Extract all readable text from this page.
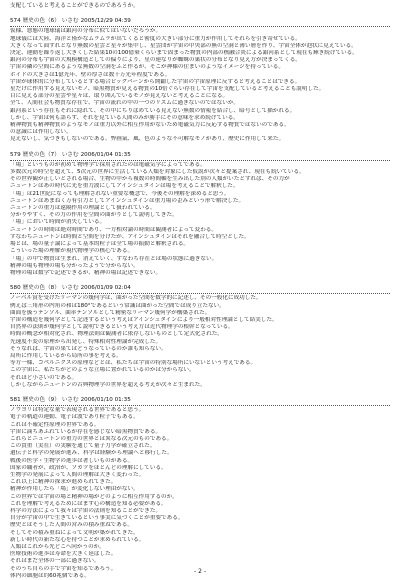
支配していると考えることができるのであろうか。

574 歴史の色（6） いさむ 2005/12/29 04:39

仮様、悪態の地球儀は銀河の分布に似てはいないだろうか。

地球儀には大陸、海洋と僅かなムラムラが出てくると密度の大きい部分に重力が作用してそれらを引き寄せている。

大きくなって面ずれとなり無数の星雲と星々が集中し、星雲団が宇宙の中央部の無の空洞と薄い層を作り、宇宙全体が泡状に見えている。

決定、運動を繰り返し大きくした結果10の100億乗くらいまで固まった物質の内部の核融合炎による銀河系として現在も輝き続けている。

銀河の分布も宇宙の大規模構造としての偏りにより、星の連なりが蜘蛛の巣状の分布となり見え方が決まってくる。

宇宙の隣の空間にあるような無数の空洞をふと作るが、そこが神様の住まいのようなイメージを持っている。

ボイドの大きさは1億光年、壁の厚さは数千万光年程度である。

宇宙が球体的に分布しているとする場合ビッグバーンから開闢した宇宙の宇宙原理に反すると考えることはできる。

星だけに作用する見えないモノ、暗黒物質が見える物質の10倍ぐらい存在して宇宙を支配していると考えることも説明した。

目に見える部分の星雲や星々は、取り囲んでいるモノが見えないと考えることになる。

全て、人間社会も物質な存在で、宇宙の流れの中の一つのリズムに過ぎないのではないか。

銀河系という存在もそれに隠れて、その中にちりばめている見えない無数の情報を結合し、暗号として描かれる。

しかし、宇宙は何も語らず、それを見ている人間のみが勝手にその意味を求め続けている。

精神物質も精神物質のようなモノは重力以外に相互作用がないため電磁気力に反応する物質ではないのである。

の意識には作用しない。

見えないし、気づきもしないのである。弊画氣、風、色のような不可解なモノがあり、歴史に作用して来た。

579 歴史の色（7） いさむ 2006/01/04 01:35

「場」というものが初めて物理学で採用されたのは電磁気学によってである。

多数次元の時空を超えて、5次元の世界に生活している人類を対象にした仮説が次々と提案され、現在も続いている。

その世界観が正しいとされる場合、生物の中から複数の時間軸を生み出した別の人類がいたとすれば、その力が

ニュートンはあの時代に光を重力波にしてアインシュタインは場を考えることで解釈した。

「場」は21世紀になっても理解されない重要な概念で、今後その理解を深めると思う。

ニュートンはあまねく万有引力としてアインシュタインは重力場の歪みという形で解決した。

ニュートンの重力は遠隔作用の理論として扱われている。

分かりやすく、その力の作用を空間の曲がりとして説明してきた。

「場」において時間が消失している。

ニュートンの時間は絶対時間であり、一方相対論の時間は観測者によって変わる。

すなわちニュートンは時間と空間を分けたが、アインシュタインはそれを融合して時空とした。

場とは、場の量子論によって基本的粒子は全て場の振動と解釈される。

こういった場の理解が現代物理学の核心である。

「場」の中で物質は生まれ、消えていく、すなわち存在とは場の状態に過ぎない。

精神の場も物理の場も分かったようで分からない。

物理の場は数学で記述できるが、精神の場は記述できない。

580 歴史の色（8） いさむ 2006/01/09 02:04

ノーベル賞を受けたリーマンの幾何学は、曲がった空間を数学的に記述し、その一般化に成功した。

例えば三角形の内角の和は180°であるという常識は曲がった空間では成り立たない。

曲面を扱うテンソル、曲率テンソルとして精密なリーマン幾何学が構築された。

宇宙の構造を幾何学として記述するという考えはアインシュタインにより一般相対性理論として結実した。

自然界の法則が幾何学として説明できるという考え方は近代物理学の根幹となっている。

時間の概念が相対化され、物理法則は観測者に依存しないものとして定式化された。

光速度不変の原理から出発し、特殊相対性理論が完成した。

そうなれば、宇宙の果てはどうなっているのか誰も知らない。

局所に作用しているから局所の事を考える。

等方一様、コペルニクスの原理などとは、私たちは宇宙の特別な場所にいないという考えである。

この宇宙に、私たちがどのような立場に置かれているのかは分からない。

それほど小さいのである。

しかしながらニュートンの古典物理学の世界を超える考えが次々と生まれた。

581 歴史の色（9） いさむ 2006/01/10 01:35

ノウヨリは特定な量で表現される世界であると思う。

電子の軌道の運動、電子は波であり粒子でもある。

これは不確定性原理の世界である。

宇宙に満ちあふれているが存在を感じない暗黒物質である。

これらとニュートンの重力の世界とは異なる次元のものである。

この貴重（実在）の実験を通じて量子力学が確立された。

遺伝子と科学の発展が進み、科学は経験から理論へと移行した。

戦後の医学・生物学の進歩は著しいものがある。

国家の職者が、政治が、ソカツをほとんどの理解にしている。

生物学の発展によって人間の理解は大きく変わった。

これ以上に精神の探求が進められてきた。

精神が作用したら「場」が変化しない理由がない。

この世界では宇宙の場と精神の場がどのように相互作用するのか。

これを理解で考えるためにはまず心の構造を知る必要がある。

科学の方法によって我々は宇宙の法則を知ることができた。

自分が宇宙の中で生きているという事実に気づくことが重要である。

歴史とはそうした人間の営みの積み重ねである。

そしてその積み重ねによって文明が築かれてきた。

新しい時代の新たな心を持つことが求められている。

人類はこれから先どこへ向かうのか。

医療技術の進歩は寿命を大きく延ばした。

それはまだ全体の一部に過ぎない。

そのうち自らの手で宇宙を知るであろう。

体内の細胞は約60兆個である。

- 2 -
